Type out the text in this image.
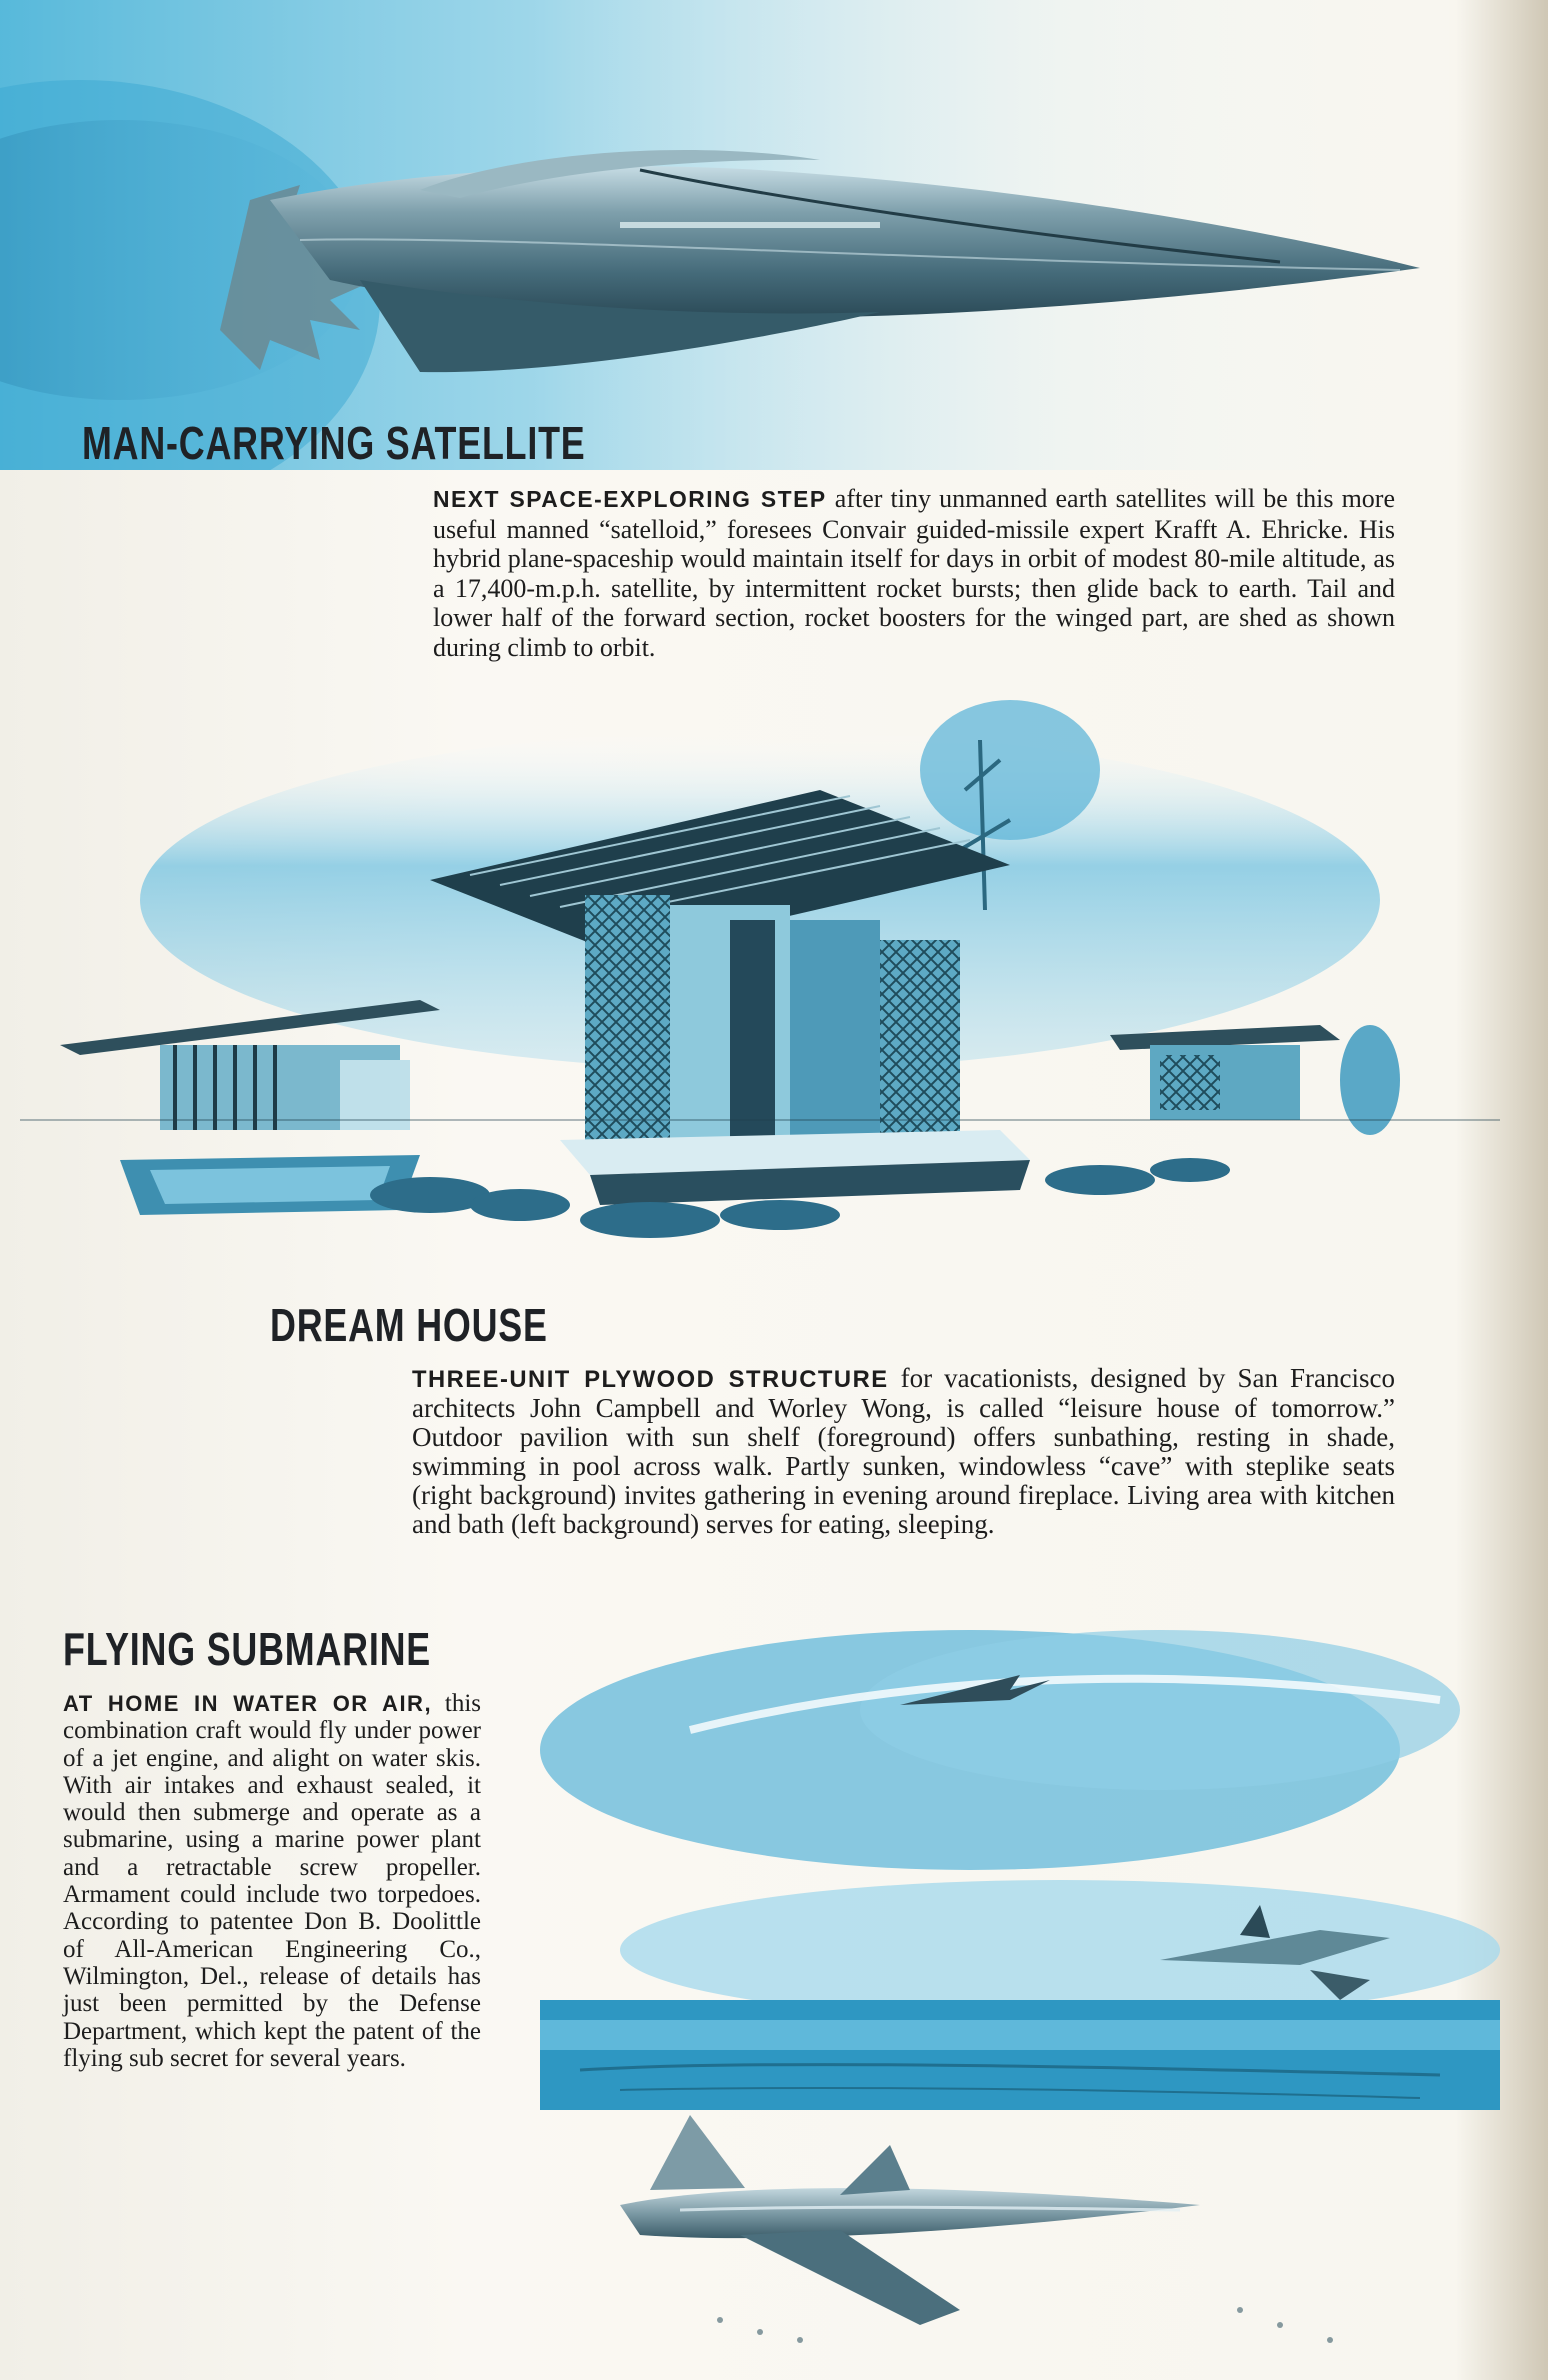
MAN-CARRYING SATELLITE

NEXT SPACE-EXPLORING STEP after tiny unmanned earth satellites will be this more useful manned “satelloid,” foresees Convair guided-missile expert Krafft A. Ehricke. His hybrid plane-spaceship would maintain itself for days in orbit of modest 80-mile altitude, as a 17,400-m.p.h. satellite, by intermittent rocket bursts; then glide back to earth. Tail and lower half of the forward section, rocket boosters for the winged part, are shed as shown during climb to orbit.

DREAM HOUSE

THREE-UNIT PLYWOOD STRUCTURE for vacationists, designed by San Francisco architects John Campbell and Worley Wong, is called “leisure house of tomorrow.” Outdoor pavilion with sun shelf (foreground) offers sunbathing, resting in shade, swimming in pool across walk. Partly sunken, windowless “cave” with steplike seats (right background) invites gathering in evening around fireplace. Living area with kitchen and bath (left background) serves for eating, sleeping.

FLYING SUBMARINE

AT HOME IN WATER OR AIR, this combination craft would fly under power of a jet engine, and alight on water skis. With air intakes and exhaust sealed, it would then submerge and operate as a submarine, using a marine power plant and a retractable screw propeller. Armament could include two torpedoes. According to patentee Don B. Doolittle of All-American Engineering Co., Wilmington, Del., release of details has just been permitted by the Defense Department, which kept the patent of the flying sub secret for several years.
